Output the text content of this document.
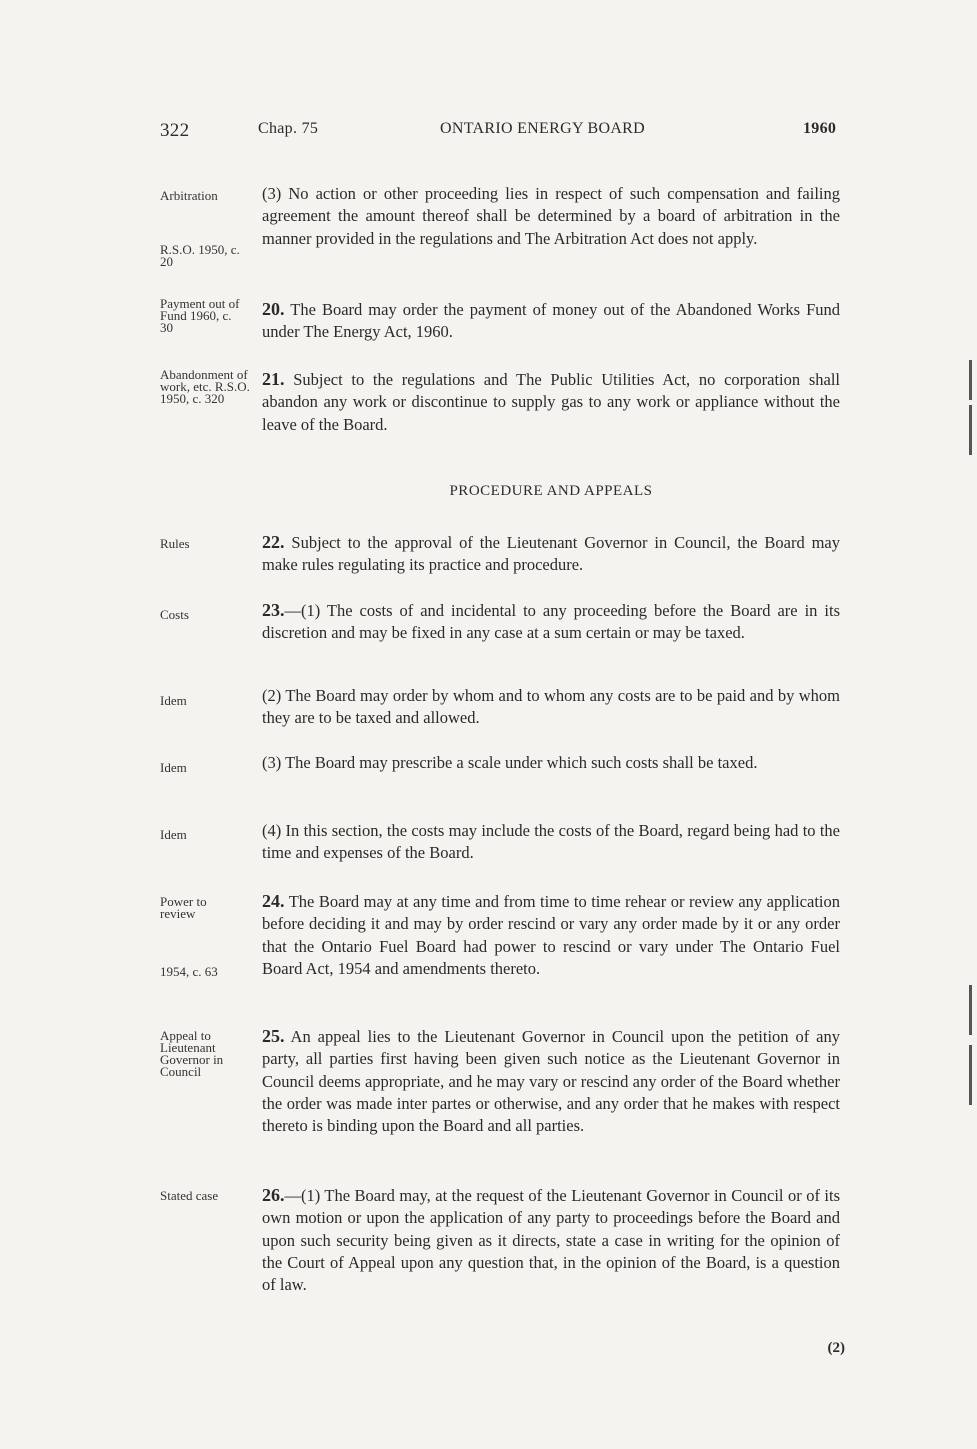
322	Chap. 75	ONTARIO ENERGY BOARD	1960
Arbitration
R.S.O. 1950, c. 20
Payment out of Fund 1960, c. 30
Abandonment of work, etc. R.S.O. 1950, c. 320
Rules
Costs
Idem
Idem
Idem
Power to review
1954, c. 63
Appeal to Lieutenant Governor in Council
Stated case
(3) No action or other proceeding lies in respect of such compensation and failing agreement the amount thereof shall be determined by a board of arbitration in the manner provided in the regulations and The Arbitration Act does not apply.
20. The Board may order the payment of money out of the Abandoned Works Fund under The Energy Act, 1960.
21. Subject to the regulations and The Public Utilities Act, no corporation shall abandon any work or discontinue to supply gas to any work or appliance without the leave of the Board.
PROCEDURE AND APPEALS
22. Subject to the approval of the Lieutenant Governor in Council, the Board may make rules regulating its practice and procedure.
23.—(1) The costs of and incidental to any proceeding before the Board are in its discretion and may be fixed in any case at a sum certain or may be taxed.
(2) The Board may order by whom and to whom any costs are to be paid and by whom they are to be taxed and allowed.
(3) The Board may prescribe a scale under which such costs shall be taxed.
(4) In this section, the costs may include the costs of the Board, regard being had to the time and expenses of the Board.
24. The Board may at any time and from time to time rehear or review any application before deciding it and may by order rescind or vary any order made by it or any order that the Ontario Fuel Board had power to rescind or vary under The Ontario Fuel Board Act, 1954 and amendments thereto.
25. An appeal lies to the Lieutenant Governor in Council upon the petition of any party, all parties first having been given such notice as the Lieutenant Governor in Council deems appropriate, and he may vary or rescind any order of the Board whether the order was made inter partes or otherwise, and any order that he makes with respect thereto is binding upon the Board and all parties.
26.—(1) The Board may, at the request of the Lieutenant Governor in Council or of its own motion or upon the application of any party to proceedings before the Board and upon such security being given as it directs, state a case in writing for the opinion of the Court of Appeal upon any question that, in the opinion of the Board, is a question of law.
(2)
